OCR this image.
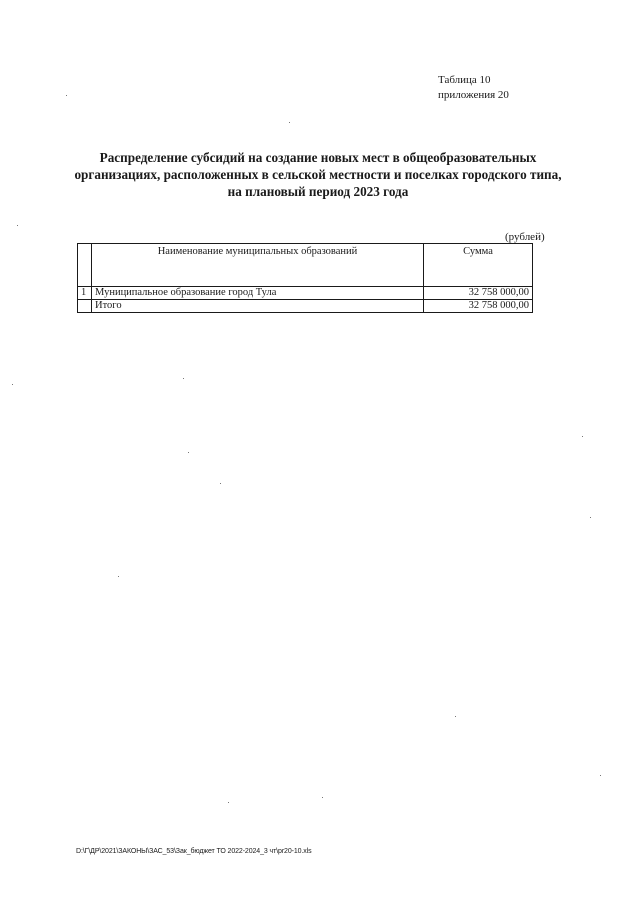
Таблица 10
приложения 20
Распределение субсидий на создание новых мест в общеобразовательных
организациях, расположенных в сельской местности и поселках городского типа,
на плановый период 2023 года
(рублей)
	Наименование муниципальных образований	Сумма
1	Муниципальное образование город Тула	32 758 000,00
	Итого	32 758 000,00
D:\Г\ДР\2021\ЗАКОНЫ\ЗАС_53\Зак_бюджет ТО 2022-2024_3 чт\pr20-10.xls
